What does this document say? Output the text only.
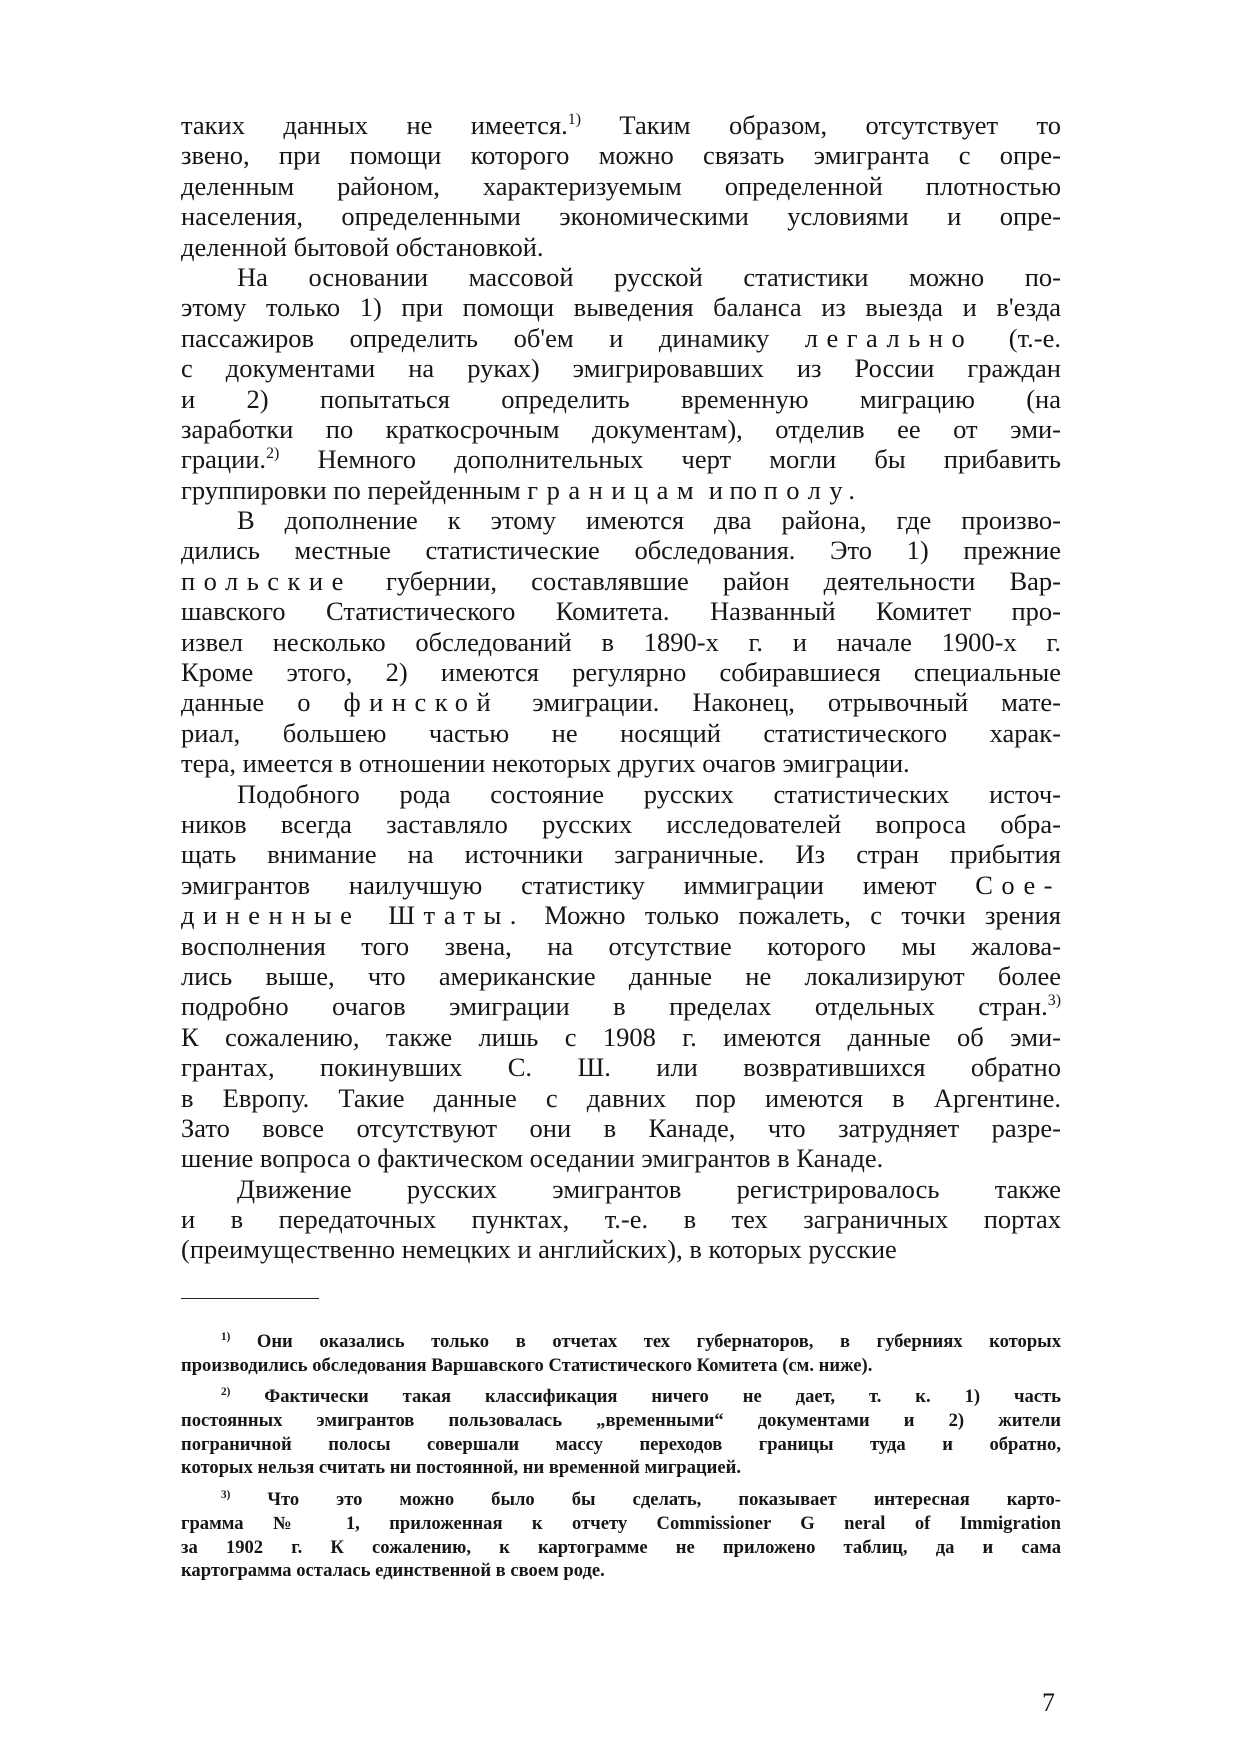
таких данных не имеется.$^{1)}$ Таким образом, отсутствует то
звено, при помощи которого можно связать эмигранта с опре-
деленным районом, характеризуемым определенной плотностью
населения, определенными экономическими условиями и опре-
деленной бытовой обстановкой.
На основании массовой русской статистики можно по-
этому только 1) при помощи выведения баланса из выезда и в'езда
пассажиров определить об'ем и динамику легально (т.-е.
с документами на руках) эмигрировавших из России граждан
и 2) попытаться определить временную миграцию (на
заработки по краткосрочным документам), отделив ее от эми-
грации.$^{2)}$ Немного дополнительных черт могли бы прибавить
группировки по перейденным границам и по полу.
В дополнение к этому имеются два района, где произво-
дились местные статистические обследования. Это 1) прежние
польские губернии, составлявшие район деятельности Вар-
шавского Статистического Комитета. Названный Комитет про-
извел несколько обследований в 1890-х г. и начале 1900-х г.
Кроме этого, 2) имеются регулярно собиравшиеся специальные
данные о финской эмиграции. Наконец, отрывочный мате-
риал, большею частью не носящий статистического харак-
тера, имеется в отношении некоторых других очагов эмиграции.
Подобного рода состояние русских статистических источ-
ников всегда заставляло русских исследователей вопроса обра-
щать внимание на источники заграничные. Из стран прибытия
эмигрантов наилучшую статистику иммиграции имеют Сое-
диненные Штаты. Можно только пожалеть, с точки зрения
восполнения того звена, на отсутствие которого мы жалова-
лись выше, что американские данные не локализируют более
подробно очагов эмиграции в пределах отдельных стран.$^{3)}$
К сожалению, также лишь с 1908 г. имеются данные об эми-
грантах, покинувших С. Ш. или возвратившихся обратно
в Европу. Такие данные с давних пор имеются в Аргентине.
Зато вовсе отсутствуют они в Канаде, что затрудняет разре-
шение вопроса о фактическом оседании эмигрантов в Канаде.
Движение русских эмигрантов регистрировалось также
и в передаточных пунктах, т.-е. в тех заграничных портах
(преимущественно немецких и английских), в которых русские
$^{1)}$ Они оказались только в отчетах тех губернаторов, в губерниях которых
производились обследования Варшавского Статистического Комитета (см. ниже).
$^{2)}$ Фактически такая классификация ничего не дает, т. к. 1) часть
постоянных эмигрантов пользовалась „временными“ документами и 2) жители
пограничной полосы совершали массу переходов границы туда и обратно,
которых нельзя считать ни постоянной, ни временной миграцией.
$^{3)}$ Что это можно было бы сделать, показывает интересная карто-
грамма № 1, приложенная к отчету Commissioner G neral of Immigration
за 1902 г. К сожалению, к картограмме не приложено таблиц, да и сама
картограмма осталась единственной в своем роде.
7
